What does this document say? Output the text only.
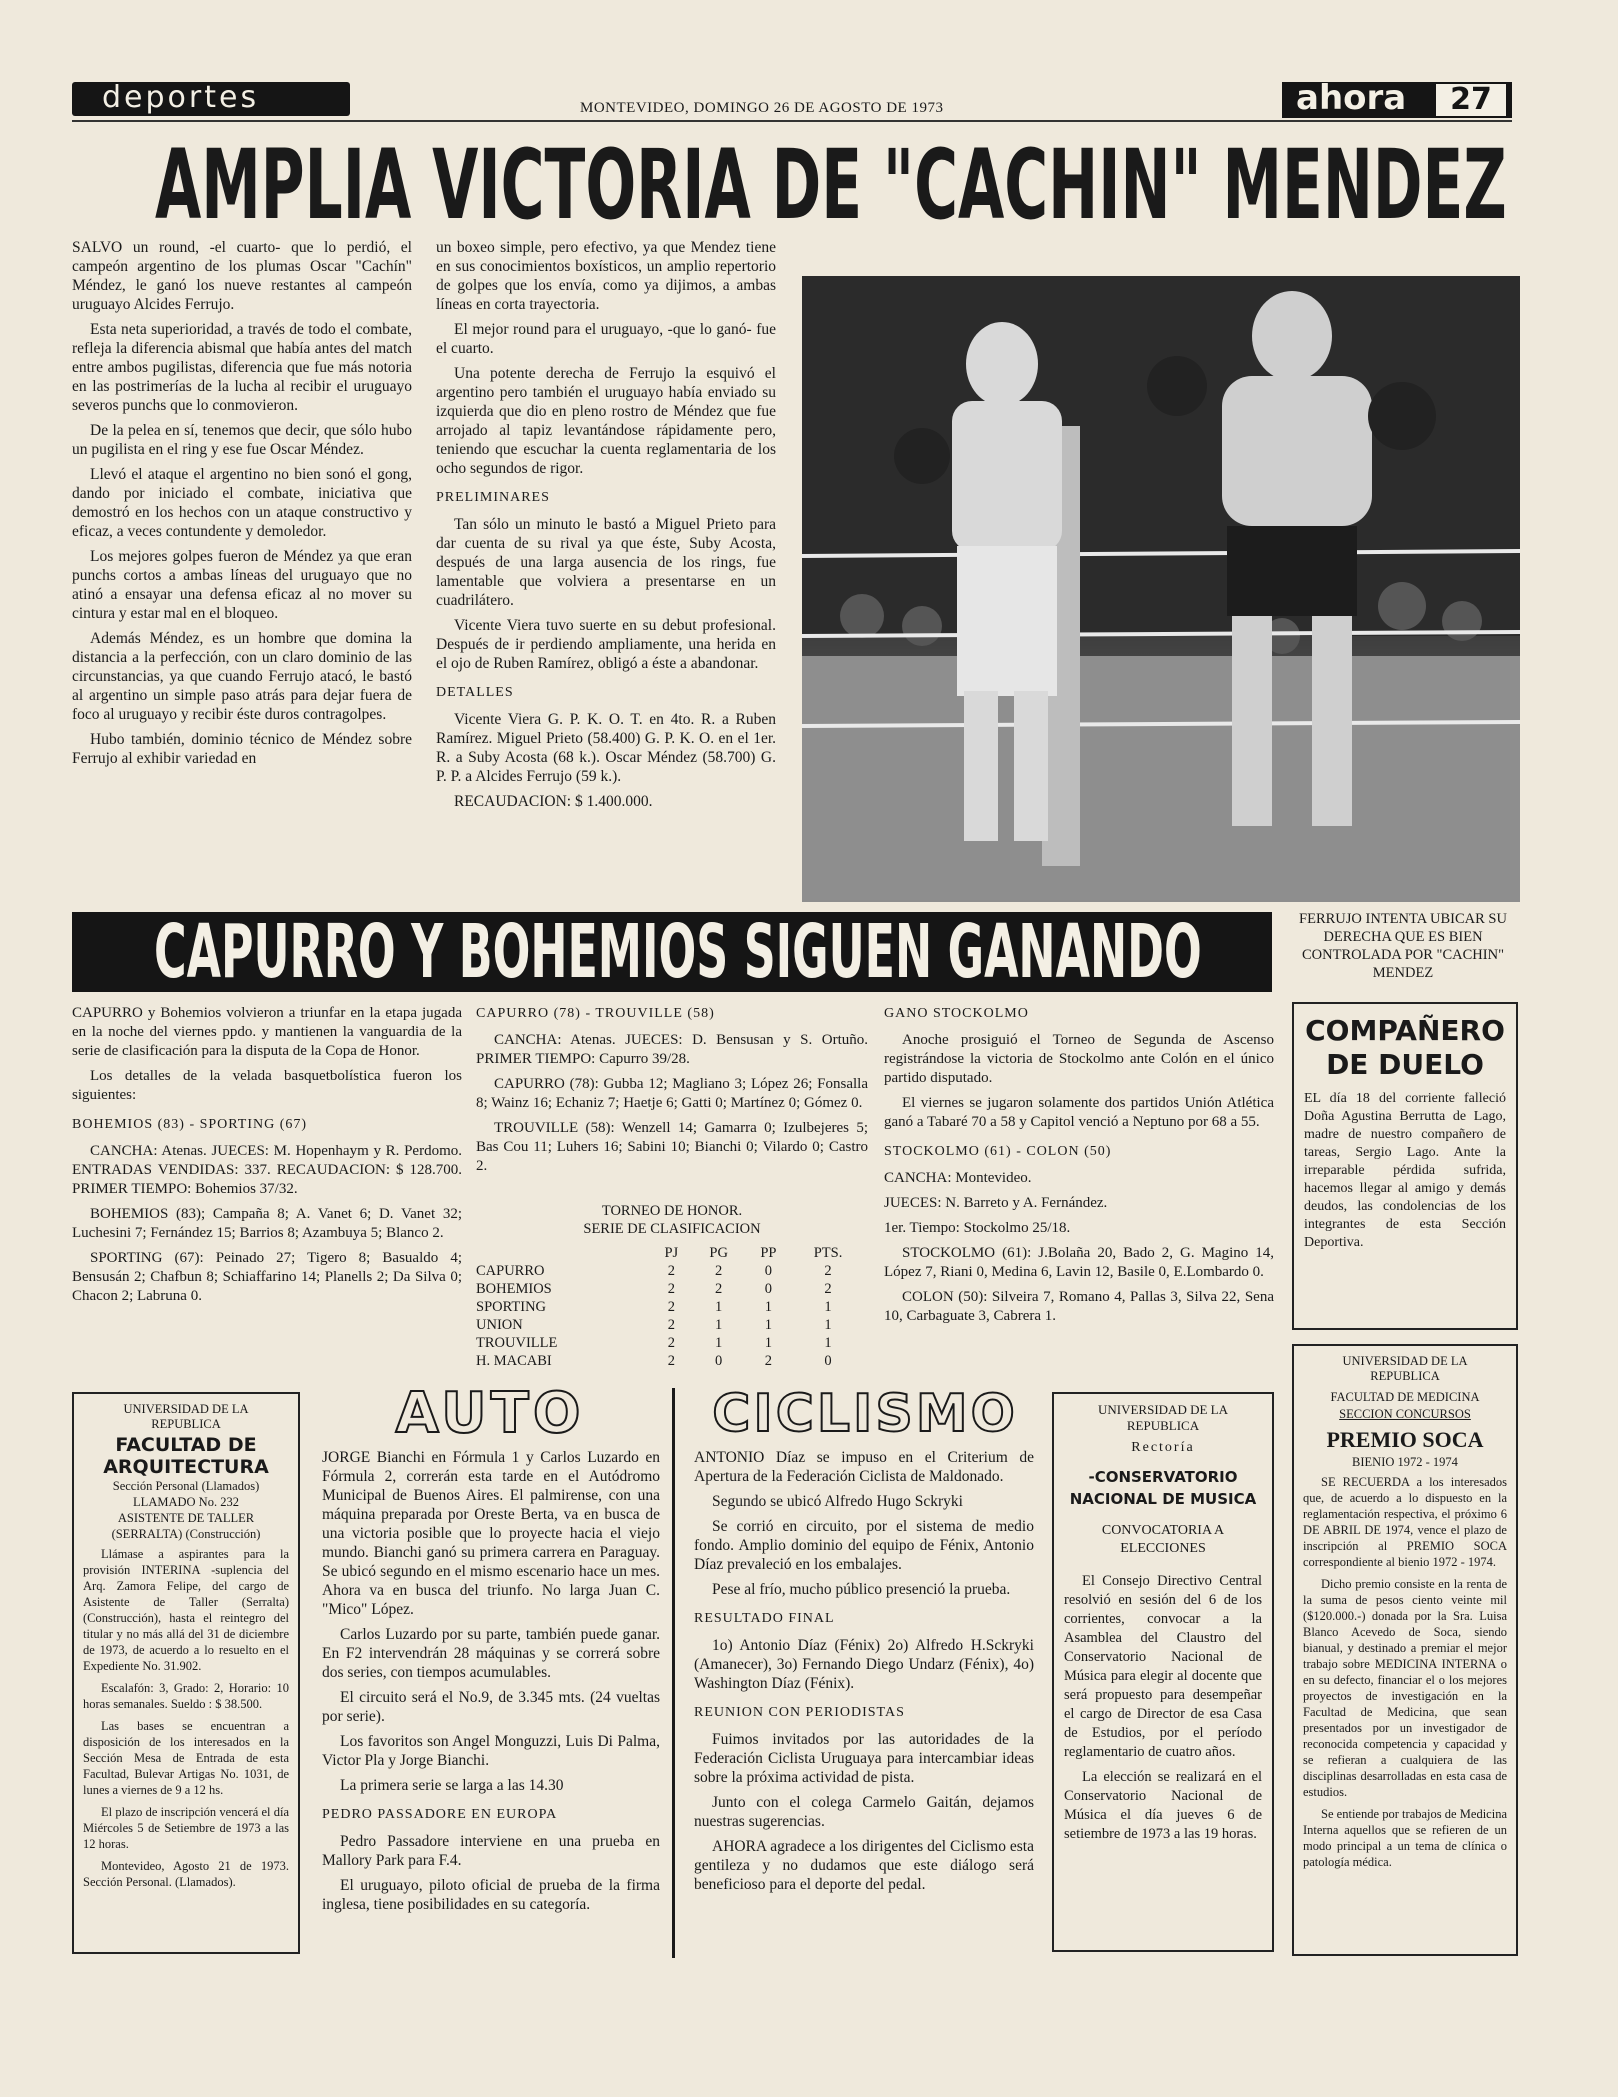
deportes	MONTEVIDEO, DOMINGO 26 DE AGOSTO DE 1973	ahora	27
AMPLIA VICTORIA DE "CACHIN" MENDEZ

SALVO un round, -el cuarto- que lo perdió, el campeón argentino de los plumas Oscar "Cachín" Méndez, le ganó los nueve restantes al campeón uruguayo Alcides Ferrujo.

Esta neta superioridad, a través de todo el combate, refleja la diferencia abismal que había antes del match entre ambos pugilistas, diferencia que fue más notoria en las postrimerías de la lucha al recibir el uruguayo severos punchs que lo conmovieron.

De la pelea en sí, tenemos que decir, que sólo hubo un pugilista en el ring y ese fue Oscar Méndez.

Llevó el ataque el argentino no bien sonó el gong, dando por iniciado el combate, iniciativa que demostró en los hechos con un ataque constructivo y eficaz, a veces contundente y demoledor.

Los mejores golpes fueron de Méndez ya que eran punchs cortos a ambas líneas del uruguayo que no atinó a ensayar una defensa eficaz al no mover su cintura y estar mal en el bloqueo.

Además Méndez, es un hombre que domina la distancia a la perfección, con un claro dominio de las circunstancias, ya que cuando Ferrujo atacó, le bastó al argentino un simple paso atrás para dejar fuera de foco al uruguayo y recibir éste duros contragolpes.

Hubo también, dominio técnico de Méndez sobre Ferrujo al exhibir variedad en

un boxeo simple, pero efectivo, ya que Mendez tiene en sus conocimientos boxísticos, un amplio repertorio de golpes que los envía, como ya dijimos, a ambas líneas en corta trayectoria.

El mejor round para el uruguayo, -que lo ganó- fue el cuarto.

Una potente derecha de Ferrujo la esquivó el argentino pero también el uruguayo había enviado su izquierda que dio en pleno rostro de Méndez que fue arrojado al tapiz levantándose rápidamente pero, teniendo que escuchar la cuenta reglamentaria de los ocho segundos de rigor.

PRELIMINARES

Tan sólo un minuto le bastó a Miguel Prieto para dar cuenta de su rival ya que éste, Suby Acosta, después de una larga ausencia de los rings, fue lamentable que volviera a presentarse en un cuadrilátero.

Vicente Viera tuvo suerte en su debut profesional. Después de ir perdiendo ampliamente, una herida en el ojo de Ruben Ramírez, obligó a éste a abandonar.

DETALLES

Vicente Viera G. P. K. O. T. en 4to. R. a Ruben Ramírez. Miguel Prieto (58.400) G. P. K. O. en el 1er. R. a Suby Acosta (68 k.). Oscar Méndez (58.700) G. P. P. a Alcides Ferrujo (59 k.).

RECAUDACION: $ 1.400.000.

CAPURRO Y BOHEMIOS SIGUEN GANANDO	FERRUJO INTENTA UBICAR SU DERECHA QUE ES BIEN CONTROLADA POR "CACHIN" MENDEZ

CAPURRO y Bohemios volvieron a triunfar en la etapa jugada en la noche del viernes ppdo. y mantienen la vanguardia de la serie de clasificación para la disputa de la Copa de Honor.

Los detalles de la velada basquetbolística fueron los siguientes:

BOHEMIOS (83) - SPORTING (67)

CANCHA: Atenas. JUECES: M. Hopenhaym y R. Perdomo. ENTRADAS VENDIDAS: 337. RECAUDACION: $ 128.700. PRIMER TIEMPO: Bohemios 37/32.

BOHEMIOS (83); Campaña 8; A. Vanet 6; D. Vanet 32; Luchesini 7; Fernández 15; Barrios 8; Azambuya 5; Blanco 2.

SPORTING (67): Peinado 27; Tigero 8; Basualdo 4; Bensusán 2; Chafbun 8; Schiaffarino 14; Planells 2; Da Silva 0; Chacon 2; Labruna 0.

CAPURRO (78) - TROUVILLE (58)

CANCHA: Atenas. JUECES: D. Bensusan y S. Ortuño. PRIMER TIEMPO: Capurro 39/28.

CAPURRO (78): Gubba 12; Magliano 3; López 26; Fonsalla 8; Wainz 16; Echaniz 7; Haetje 6; Gatti 0; Martínez 0; Gómez 0.

TROUVILLE (58): Wenzell 14; Gamarra 0; Izulbejeres 5; Bas Cou 11; Luhers 16; Sabini 10; Bianchi 0; Vilardo 0; Castro 2.

TORNEO DE HONOR.
SERIE DE CLASIFICACION
	PJ	PG	PP	PTS.
CAPURRO	2	2	0	2
BOHEMIOS	2	2	0	2
SPORTING	2	1	1	1
UNION	2	1	1	1
TROUVILLE	2	1	1	1
H. MACABI	2	0	2	0

GANO STOCKOLMO

Anoche prosiguió el Torneo de Segunda de Ascenso registrándose la victoria de Stockolmo ante Colón en el único partido disputado.

El viernes se jugaron solamente dos partidos Unión Atlética ganó a Tabaré 70 a 58 y Capitol venció a Neptuno por 68 a 55.

STOCKOLMO (61) - COLON (50)

CANCHA: Montevideo.

JUECES: N. Barreto y A. Fernández.

1er. Tiempo: Stockolmo 25/18.

STOCKOLMO (61): J.Bolaña 20, Bado 2, G. Magino 14, López 7, Riani 0, Medina 6, Lavin 12, Basile 0, E.Lombardo 0.

COLON (50): Silveira 7, Romano 4, Pallas 3, Silva 22, Sena 10, Carbaguate 3, Cabrera 1.

COMPAÑERO
DE DUELO
EL día 18 del corriente falleció Doña Agustina Berrutta de Lago, madre de nuestro compañero de tareas, Sergio Lago. Ante la irreparable pérdida sufrida, hacemos llegar al amigo y demás deudos, las condolencias de los integrantes de esta Sección Deportiva.
UNIVERSIDAD DE LA
REPUBLICA
FACULTAD DE
ARQUITECTURA
Sección Personal (Llamados)
LLAMADO No. 232
ASISTENTE DE TALLER
(SERRALTA) (Construcción)

Llámase a aspirantes para la provisión INTERINA -suplencia del Arq. Zamora Felipe, del cargo de Asistente de Taller (Serralta) (Construcción), hasta el reintegro del titular y no más allá del 31 de diciembre de 1973, de acuerdo a lo resuelto en el Expediente No. 31.902.

Escalafón: 3, Grado: 2, Horario: 10 horas semanales. Sueldo : $ 38.500.

Las bases se encuentran a disposición de los interesados en la Sección Mesa de Entrada de esta Facultad, Bulevar Artigas No. 1031, de lunes a viernes de 9 a 12 hs.

El plazo de inscripción vencerá el día Miércoles 5 de Setiembre de 1973 a las 12 horas.

Montevideo, Agosto 21 de 1973. Sección Personal. (Llamados).

AUTO

JORGE Bianchi en Fórmula 1 y Carlos Luzardo en Fórmula 2, correrán esta tarde en el Autódromo Municipal de Buenos Aires. El palmirense, con una máquina preparada por Oreste Berta, va en busca de una victoria posible que lo proyecte hacia el viejo mundo. Bianchi ganó su primera carrera en Paraguay. Se ubicó segundo en el mismo escenario hace un mes. Ahora va en busca del triunfo. No larga Juan C. "Mico" López.

Carlos Luzardo por su parte, también puede ganar. En F2 intervendrán 28 máquinas y se correrá sobre dos series, con tiempos acumulables.

El circuito será el No.9, de 3.345 mts. (24 vueltas por serie).

Los favoritos son Angel Monguzzi, Luis Di Palma, Victor Pla y Jorge Bianchi.

La primera serie se larga a las 14.30

PEDRO PASSADORE EN EUROPA

Pedro Passadore interviene en una prueba en Mallory Park para F.4.

El uruguayo, piloto oficial de prueba de la firma inglesa, tiene posibilidades en su categoría.

CICLISMO

ANTONIO Díaz se impuso en el Criterium de Apertura de la Federación Ciclista de Maldonado.

Segundo se ubicó Alfredo Hugo Sckryki

Se corrió en circuito, por el sistema de medio fondo. Amplio dominio del equipo de Fénix, Antonio Díaz prevaleció en los embalajes.

Pese al frío, mucho público presenció la prueba.

RESULTADO FINAL

1o) Antonio Díaz (Fénix) 2o) Alfredo H.Sckryki (Amanecer), 3o) Fernando Diego Undarz (Fénix), 4o) Washington Díaz (Fénix).

REUNION CON PERIODISTAS

Fuimos invitados por las autoridades de la Federación Ciclista Uruguaya para intercambiar ideas sobre la próxima actividad de pista.

Junto con el colega Carmelo Gaitán, dejamos nuestras sugerencias.

AHORA agradece a los dirigentes del Ciclismo esta gentileza y no dudamos que este diálogo será beneficioso para el deporte del pedal.

UNIVERSIDAD DE LA
REPUBLICA
Rectoría
-CONSERVATORIO
NACIONAL DE MUSICA
CONVOCATORIA A
ELECCIONES

El Consejo Directivo Central resolvió en sesión del 6 de los corrientes, convocar a la Asamblea del Claustro del Conservatorio Nacional de Música para elegir al docente que será propuesto para desempeñar el cargo de Director de esa Casa de Estudios, por el período reglamentario de cuatro años.

La elección se realizará en el Conservatorio Nacional de Música el día jueves 6 de setiembre de 1973 a las 19 horas.

UNIVERSIDAD DE LA
REPUBLICA
FACULTAD DE MEDICINA
SECCION CONCURSOS
PREMIO SOCA
BIENIO 1972 - 1974

SE RECUERDA a los interesados que, de acuerdo a lo dispuesto en la reglamentación respectiva, el próximo 6 DE ABRIL DE 1974, vence el plazo de inscripción al PREMIO SOCA correspondiente al bienio 1972 - 1974.

Dicho premio consiste en la renta de la suma de pesos ciento veinte mil ($120.000.-) donada por la Sra. Luisa Blanco Acevedo de Soca, siendo bianual, y destinado a premiar el mejor trabajo sobre MEDICINA INTERNA o en su defecto, financiar el o los mejores proyectos de investigación en la Facultad de Medicina, que sean presentados por un investigador de reconocida competencia y capacidad y se refieran a cualquiera de las disciplinas desarrolladas en esta casa de estudios.

Se entiende por trabajos de Medicina Interna aquellos que se refieren de un modo principal a un tema de clínica o patología médica.
